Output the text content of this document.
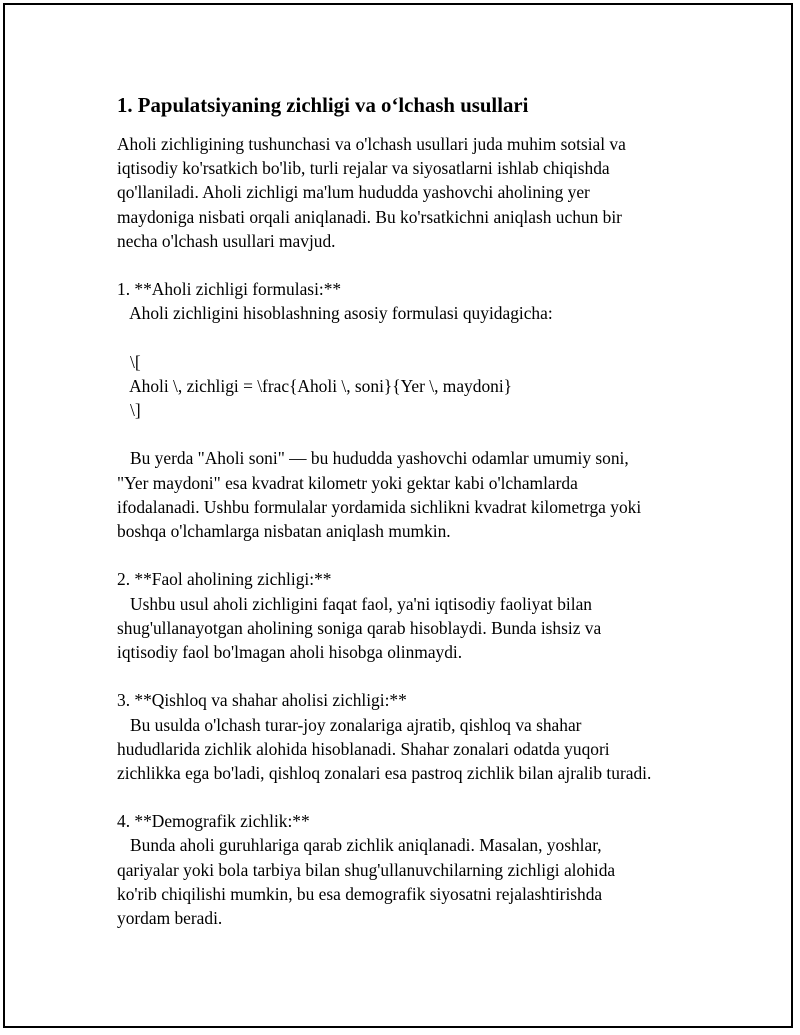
1. Papulatsiyaning zichligi va o‘lchash usullari
Aholi zichligining tushunchasi va o'lchash usullari juda muhim sotsial va
iqtisodiy ko'rsatkich bo'lib, turli rejalar va siyosatlarni ishlab chiqishda
qo'llaniladi. Aholi zichligi ma'lum hududda yashovchi aholining yer
maydoniga nisbati orqali aniqlanadi. Bu ko'rsatkichni aniqlash uchun bir
necha o'lchash usullari mavjud.
1. **Aholi zichligi formulasi:**
Aholi zichligini hisoblashning asosiy formulasi quyidagicha:
\[
Aholi \, zichligi = \frac{Aholi \, soni}{Yer \, maydoni}
\]
Bu yerda "Aholi soni" — bu hududda yashovchi odamlar umumiy soni,
"Yer maydoni" esa kvadrat kilometr yoki gektar kabi o'lchamlarda
ifodalanadi. Ushbu formulalar yordamida sichlikni kvadrat kilometrga yoki
boshqa o'lchamlarga nisbatan aniqlash mumkin.
2. **Faol aholining zichligi:**
Ushbu usul aholi zichligini faqat faol, ya'ni iqtisodiy faoliyat bilan
shug'ullanayotgan aholining soniga qarab hisoblaydi. Bunda ishsiz va
iqtisodiy faol bo'lmagan aholi hisobga olinmaydi.
3. **Qishloq va shahar aholisi zichligi:**
Bu usulda o'lchash turar-joy zonalariga ajratib, qishloq va shahar
hududlarida zichlik alohida hisoblanadi. Shahar zonalari odatda yuqori
zichlikka ega bo'ladi, qishloq zonalari esa pastroq zichlik bilan ajralib turadi.
4. **Demografik zichlik:**
Bunda aholi guruhlariga qarab zichlik aniqlanadi. Masalan, yoshlar,
qariyalar yoki bola tarbiya bilan shug'ullanuvchilarning zichligi alohida
ko'rib chiqilishi mumkin, bu esa demografik siyosatni rejalashtirishda
yordam beradi.
